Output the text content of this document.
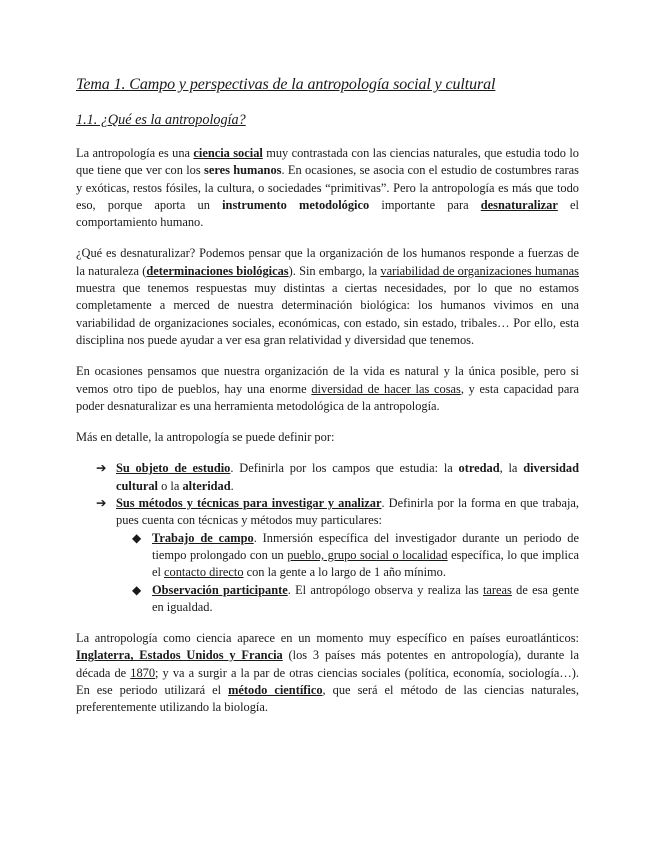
Tema 1. Campo y perspectivas de la antropología social y cultural
1.1. ¿Qué es la antropología?

La antropología es una ciencia social muy contrastada con las ciencias naturales, que estudia todo lo que tiene que ver con los seres humanos. En ocasiones, se asocia con el estudio de costumbres raras y exóticas, restos fósiles, la cultura, o sociedades “primitivas”. Pero la antropología es más que todo eso, porque aporta un instrumento metodológico importante para desnaturalizar el comportamiento humano.

¿Qué es desnaturalizar? Podemos pensar que la organización de los humanos responde a fuerzas de la naturaleza (determinaciones biológicas). Sin embargo, la variabilidad de organizaciones humanas muestra que tenemos respuestas muy distintas a ciertas necesidades, por lo que no estamos completamente a merced de nuestra determinación biológica: los humanos vivimos en una variabilidad de organizaciones sociales, económicas, con estado, sin estado, tribales… Por ello, esta disciplina nos puede ayudar a ver esa gran relatividad y diversidad que tenemos.

En ocasiones pensamos que nuestra organización de la vida es natural y la única posible, pero si vemos otro tipo de pueblos, hay una enorme diversidad de hacer las cosas, y esta capacidad para poder desnaturalizar es una herramienta metodológica de la antropología.

Más en detalle, la antropología se puede definir por:

➔ Su objeto de estudio. Definirla por los campos que estudia: la otredad, la diversidad cultural o la alteridad.
➔ Sus métodos y técnicas para investigar y analizar. Definirla por la forma en que trabaja, pues cuenta con técnicas y métodos muy particulares:
◆ Trabajo de campo. Inmersión específica del investigador durante un periodo de tiempo prolongado con un pueblo, grupo social o localidad específica, lo que implica el contacto directo con la gente a lo largo de 1 año mínimo.
◆ Observación participante. El antropólogo observa y realiza las tareas de esa gente en igualdad.

La antropología como ciencia aparece en un momento muy específico en países euroatlánticos: Inglaterra, Estados Unidos y Francia (los 3 países más potentes en antropología), durante la década de 1870; y va a surgir a la par de otras ciencias sociales (política, economía, sociología…). En ese periodo utilizará el método científico, que será el método de las ciencias naturales, preferentemente utilizando la biología.
